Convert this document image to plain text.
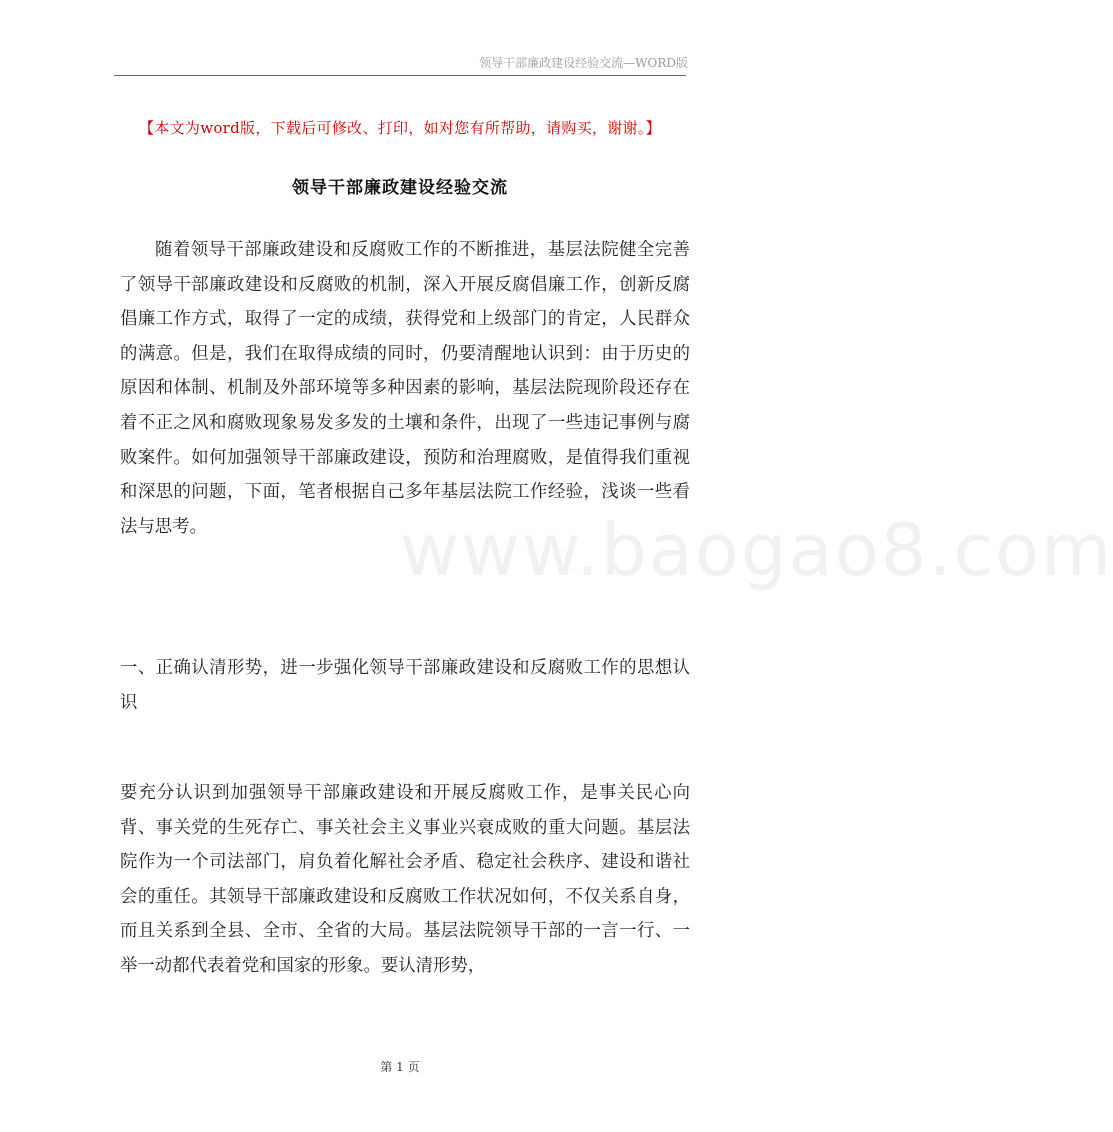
领导干部廉政建设经验交流—WORD版
【本文为word版，下载后可修改、打印，如对您有所帮助，请购买，谢谢。】
领导干部廉政建设经验交流

随着领导干部廉政建设和反腐败工作的不断推进，基层法院健全完善了领导干部廉政建设和反腐败的机制，深入开展反腐倡廉工作，创新反腐倡廉工作方式，取得了一定的成绩，获得党和上级部门的肯定，人民群众的满意。但是，我们在取得成绩的同时，仍要清醒地认识到：由于历史的原因和体制、机制及外部环境等多种因素的影响，基层法院现阶段还存在着不正之风和腐败现象易发多发的土壤和条件，出现了一些违记事例与腐败案件。如何加强领导干部廉政建设，预防和治理腐败，是值得我们重视和深思的问题，下面，笔者根据自己多年基层法院工作经验，浅谈一些看法与思考。

一、正确认清形势，进一步强化领导干部廉政建设和反腐败工作的思想认识

要充分认识到加强领导干部廉政建设和开展反腐败工作，是事关民心向背、事关党的生死存亡、事关社会主义事业兴衰成败的重大问题。基层法院作为一个司法部门，肩负着化解社会矛盾、稳定社会秩序、建设和谐社会的重任。其领导干部廉政建设和反腐败工作状况如何，不仅关系自身，而且关系到全县、全市、全省的大局。基层法院领导干部的一言一行、一举一动都代表着党和国家的形象。要认清形势，

www.baogao8.com
第 1 页
